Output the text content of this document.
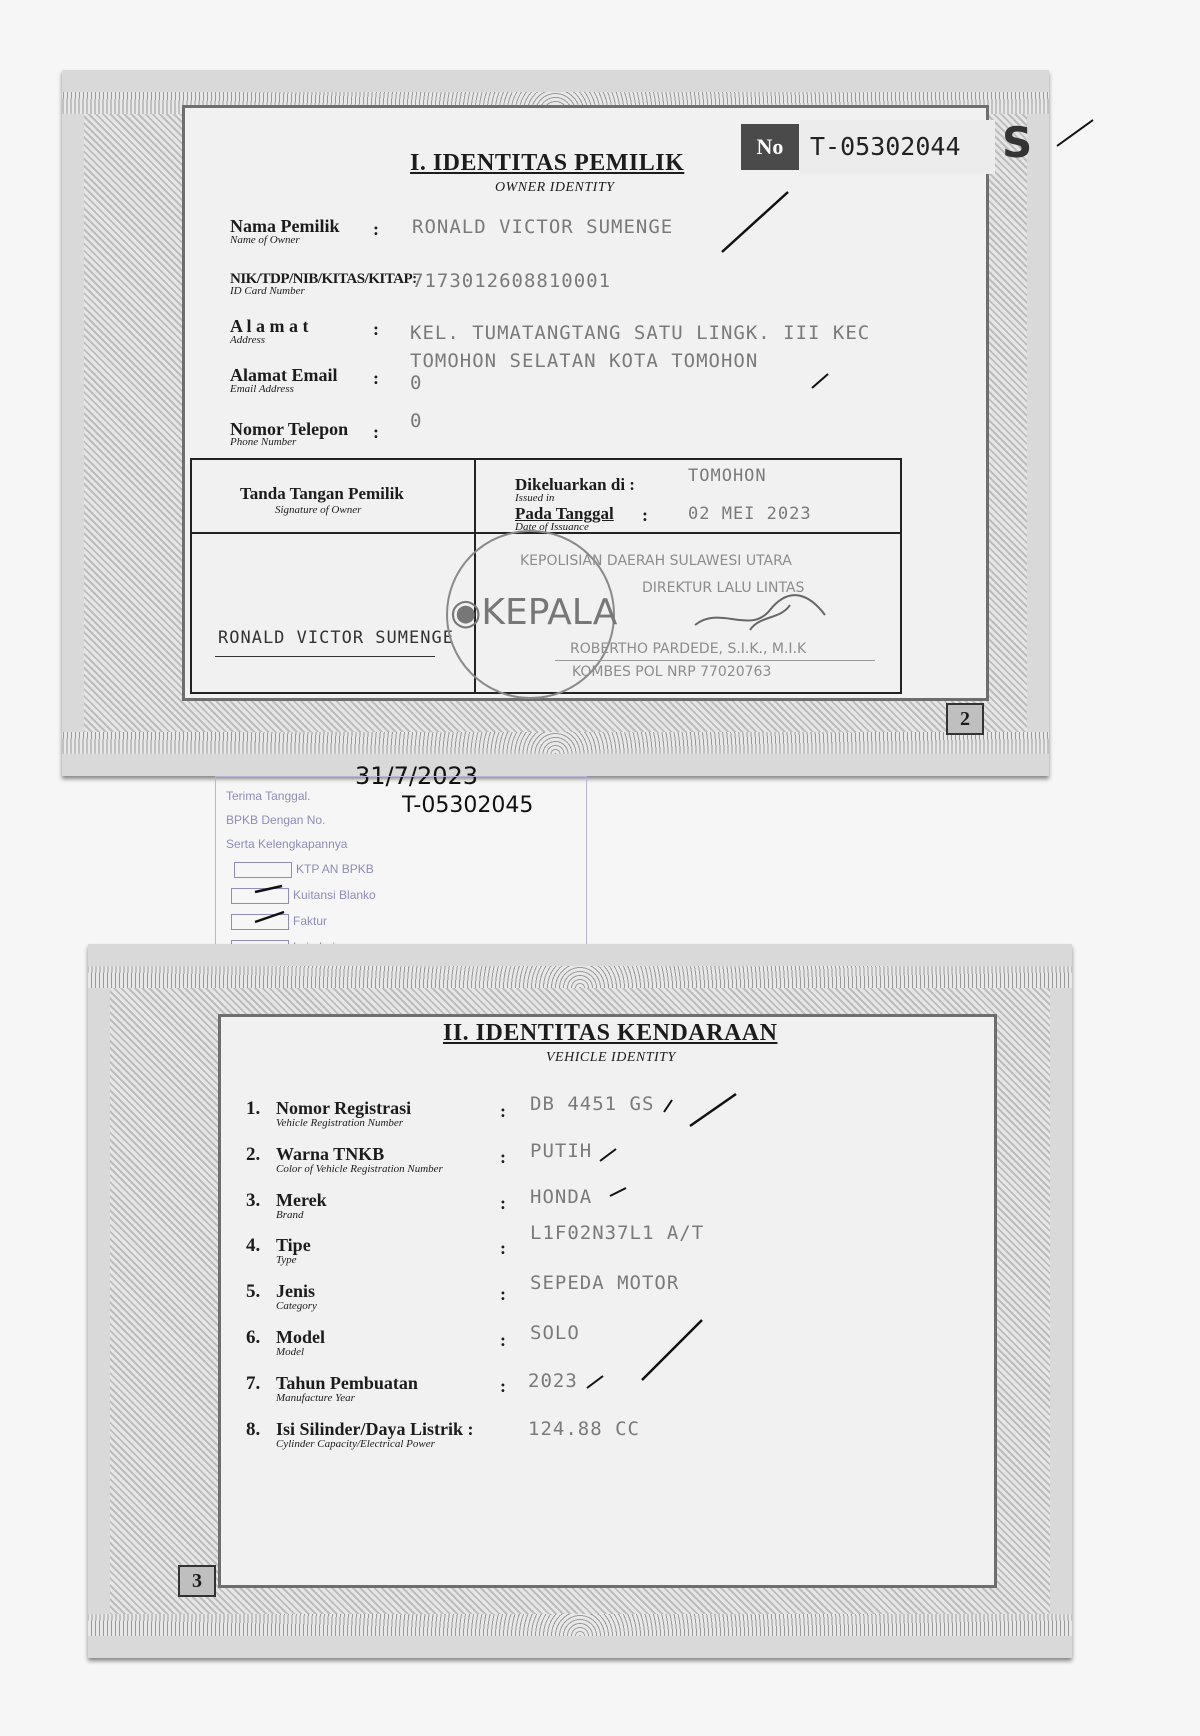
I. IDENTITAS PEMILIK
OWNER IDENTITY
No	T-05302044 S
Nama Pemilik
Name of Owner
: RONALD VICTOR SUMENGE
NIK/TDP/NIB/KITAS/KITAP:
ID Card Number	7173012608810001
A l a m a t
Address
: KEL. TUMATANGTANG SATU LINGK. III KEC
TOMOHON SELATAN KOTA TOMOHON
Alamat Email
Email Address
: 0
Nomor Telepon
Phone Number	: 0
Tanda Tangan Pemilik
Signature of Owner
Dikeluarkan di :
Issued in
TOMOHON
Pada Tanggal :
Date of Issuance
02 MEI 2023
RONALD VICTOR SUMENGE
KEPOLISIAN DAERAH SULAWESI UTARA
DIREKTUR LALU LINTAS
◉KEPALA
ROBERTHO PARDEDE, S.I.K., M.I.K
KOMBES POL NRP 77020763
2
31/7/2023
T-05302045
Terima Tanggal.
BPKB Dengan No.
Serta Kelengkapannya
KTP AN BPKB
Kuitansi Blanko
Faktur
II. IDENTITAS KENDARAAN
VEHICLE IDENTITY
1. Nomor Registrasi
Vehicle Registration Number
: DB 4451 GS
2. Warna TNKB
Color of Vehicle Registration Number
: PUTIH
3. Merek
Brand
: HONDA
4. Tipe
Type
:
L1F02N37L1 A/T
5. Jenis
Category
: SEPEDA MOTOR
6. Model
Model
: SOLO
7. Tahun Pembuatan
Manufacture Year
: 2023
8. Isi Silinder/Daya Listrik :
Cylinder Capacity/Electrical Power
124.88 CC
3
